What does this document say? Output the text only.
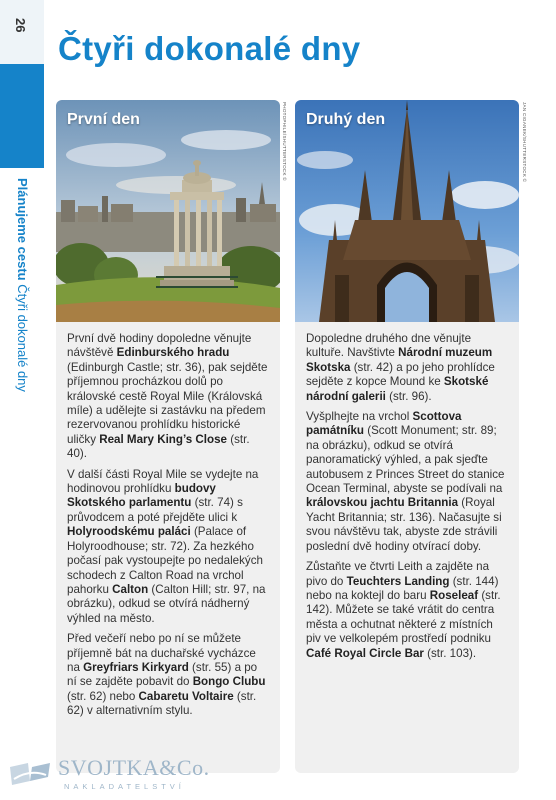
26
Plánujeme cestu Čtyři dokonalé dny
Čtyři dokonalé dny
První den

První dvě hodiny dopoledne věnujte návštěvě Edinburského hradu (Edinburgh Castle; str. 36), pak sejděte příjemnou procházkou dolů po královské cestě Royal Mile (Královská míle) a udělejte si zastávku na předem rezervovanou prohlídku historické uličky Real Mary King’s Close (str. 40).

V další části Royal Mile se vydejte na hodinovou prohlídku budovy Skotského parlamentu (str. 74) s průvodcem a poté přejděte ulici k Holyroodskému paláci (Palace of Holyroodhouse; str. 72). Za hezkého počasí pak vystoupejte po nedalekých schodech z Calton Road na vrchol pahorku Calton (Calton Hill; str. 97, na obrázku), odkud se otvírá nádherný výhled na město.

Před večeří nebo po ní se můžete příjemně bát na duchařské vycházce na Greyfriars Kirkyard (str. 55) a po ní se zajděte pobavit do Bongo Clubu (str. 62) nebo Cabaretu Voltaire (str. 62) v alternativním stylu.

Druhý den

Dopoledne druhého dne věnujte kultuře. Navštivte Národní muzeum Skotska (str. 42) a po jeho prohlídce sejděte z kopce Mound ke Skotské národní galerii (str. 96).

Vyšplhejte na vrchol Scottova památníku (Scott Monument; str. 89; na obrázku), odkud se otvírá panoramatický výhled, a pak sjeďte autobusem z Princes Street do stanice Ocean Terminal, abyste se podívali na královskou jachtu Britannia (Royal Yacht Britannia; str. 136). Načasujte si svou návštěvu tak, abyste zde strávili poslední dvě hodiny otvírací doby.

Zůstaňte ve čtvrti Leith a zajděte na pivo do Teuchters Landing (str. 144) nebo na koktejl do baru Roseleaf (str. 142). Můžete se také vrátit do centra města a ochutnat některé z místních piv ve velkolepém prostředí podniku Café Royal Circle Bar (str. 103).

PHOTOPHILE/SHUTTERSTOCK ©	JAN CIGANEK/SHUTTERSTOCK ©
SVOJTKA&Co.
NAKLADATELSTVÍ
